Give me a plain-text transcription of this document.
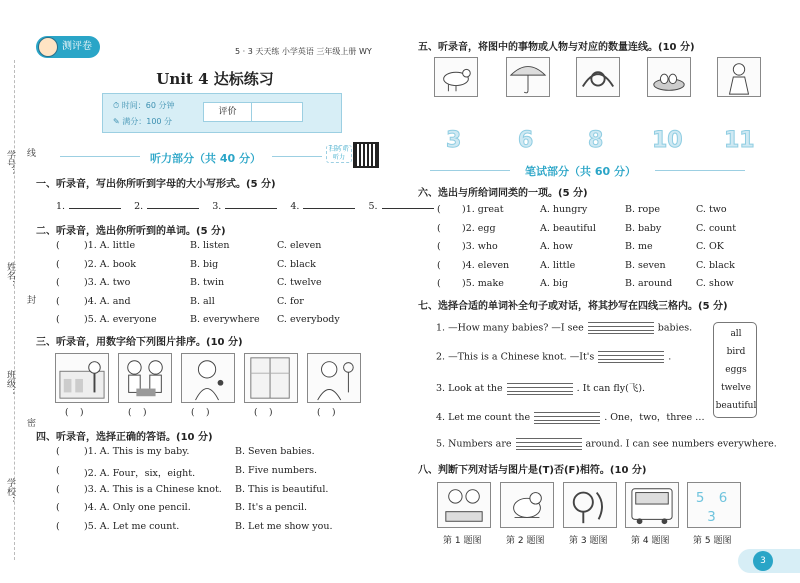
学号： 线
姓名：
封
班级：
密
学校：
测评卷	5 · 3 天天练 小学英语 三年级上册 WY
Unit 4 达标练习
⏱ 时间：60 分钟
✎ 满分：100 分
评价
扫码 听听力
听力部分（共 40 分）
一、听录音，写出你所听到字母的大小写形式。(5 分)
1.	2.	3.	4.	5.
二、听录音，选出你所听到的单词。(5 分)
(	)1. A. little	B. listen	C. eleven
(	)2. A. book	B. big	C. black
(	)3. A. two	B. twin	C. twelve
(	)4. A. and	B. all	C. for
(	)5. A. everyone	B. everywhere C. everybody
三、听录音，用数字给下列图片排序。(10 分)
(    )	(    )	(    )	(    )	(    )
四、听录音，选择正确的答语。(10 分)
(	)1. A. This is my baby.	B. Seven babies.
(	)2. A. Four，six，eight.	B. Five numbers.
(	)3. A. This is a Chinese knot. B. This is beautiful.
(	)4. A. Only one pencil.	B. It's a pencil.
(	)5. A. Let me count.	B. Let me show you.
五、听录音，将图中的事物或人物与对应的数量连线。(10 分)
3	6 8 10 11
笔试部分（共 60 分）
六、选出与所给词同类的一项。(5 分)
( )1. great	A. hungry	B. rope	C. two
( )2. egg	A. beautiful	B. baby	C. count
( )3. who	A. how	B. me	C. OK
( )4. eleven	A. little	B. seven	C. black
( )5. make	A. big	B. around C. show
七、选择合适的单词补全句子或对话，将其抄写在四线三格内。(5 分)
1. —How many babies? —I see	babies.
2. —This is a Chinese knot. —It's	.
3. Look at the	. It can fly(飞).
4. Let me count the	. One，two，three …
5. Numbers are	around. I can see numbers everywhere.
all
bird
eggs
twelve
beautiful
八、判断下列对话与图片是(T)否(F)相符。(10 分)
5 6
3
第 1 题图	第 2 题图	第 3 题图	第 4 题图	第 5 题图
3
